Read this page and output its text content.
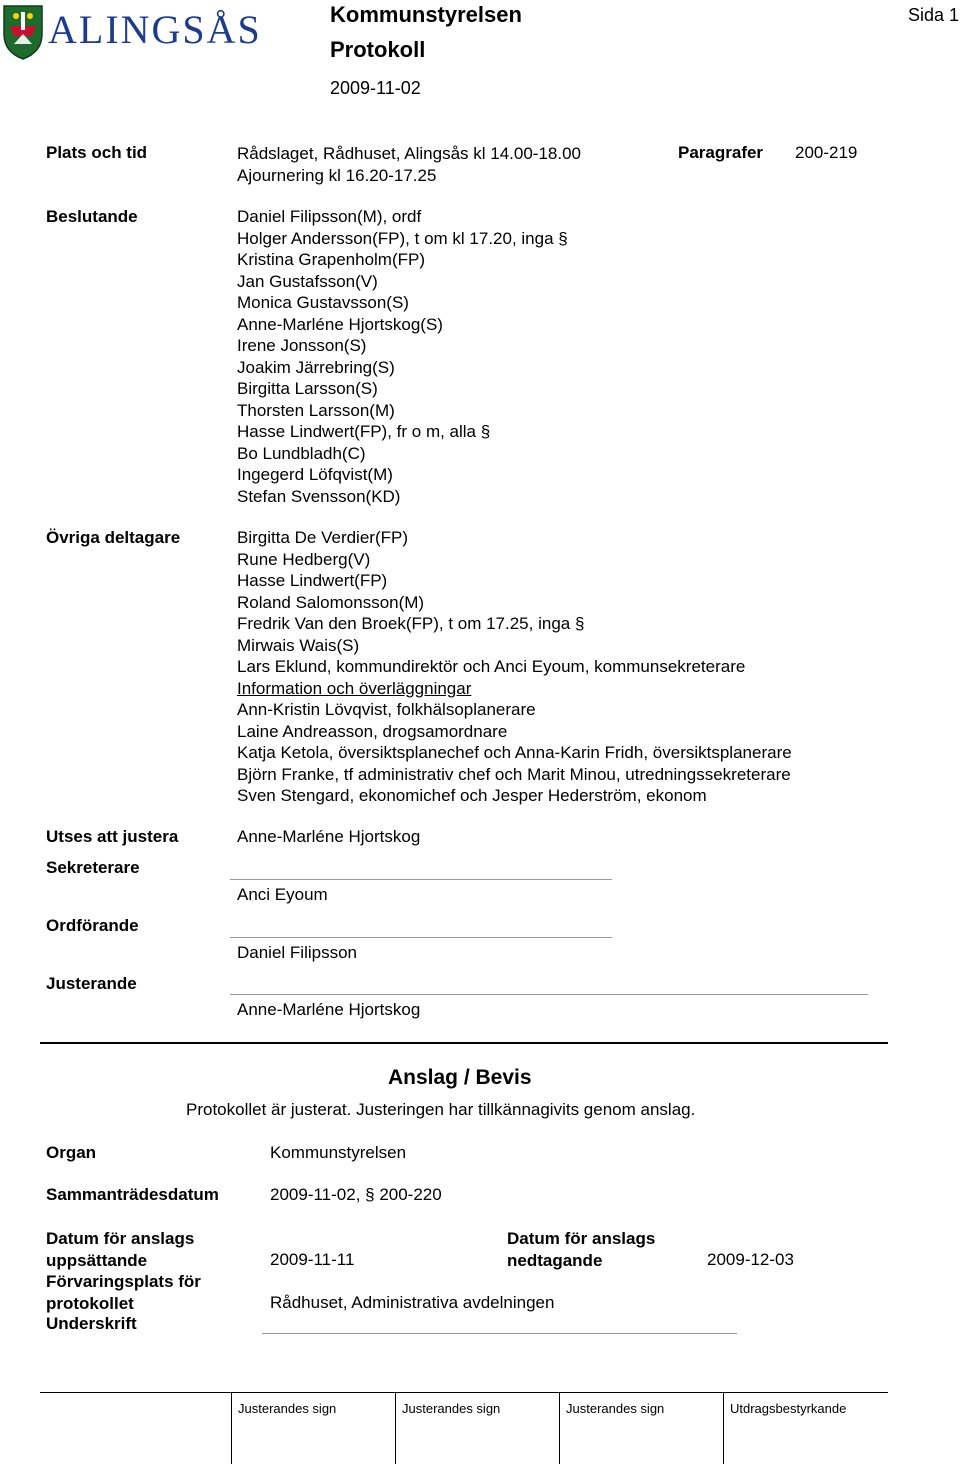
ALINGSÅS	Kommunstyrelsen
Protokoll
2009-11-02
Sida 1
Plats och tid	Rådslaget, Rådhuset, Alingsås kl 14.00-18.00
Ajournering kl 16.20-17.25
Paragrafer 200-219
Beslutande	Daniel Filipsson(M), ordf
Holger Andersson(FP), t om kl 17.20, inga §
Kristina Grapenholm(FP)
Jan Gustafsson(V)
Monica Gustavsson(S)
Anne-Marléne Hjortskog(S)
Irene Jonsson(S)
Joakim Järrebring(S)
Birgitta Larsson(S)
Thorsten Larsson(M)
Hasse Lindwert(FP), fr o m, alla §
Bo Lundbladh(C)
Ingegerd Löfqvist(M)
Stefan Svensson(KD)
Övriga deltagare	Birgitta De Verdier(FP)
Rune Hedberg(V)
Hasse Lindwert(FP)
Roland Salomonsson(M)
Fredrik Van den Broek(FP), t om 17.25, inga §
Mirwais Wais(S)
Lars Eklund, kommundirektör och Anci Eyoum, kommunsekreterare
Information och överläggningar
Ann-Kristin Lövqvist, folkhälsoplanerare
Laine Andreasson, drogsamordnare
Katja Ketola, översiktsplanechef och Anna-Karin Fridh, översiktsplanerare
Björn Franke, tf administrativ chef och Marit Minou, utredningssekreterare
Sven Stengard, ekonomichef och Jesper Hederström, ekonom
Utses att justera	Anne-Marléne Hjortskog
Sekreterare
Anci Eyoum
Ordförande
Daniel Filipsson
Justerande
Anne-Marléne Hjortskog
Anslag / Bevis
Protokollet är justerat. Justeringen har tillkännagivits genom anslag.
Organ	Kommunstyrelsen
Sammanträdesdatum	2009-11-02, § 200-220
Datum för anslags
uppsättande	2009-11-11
Datum för anslags
nedtagande	2009-12-03
Förvaringsplats för
protokollet	Rådhuset, Administrativa avdelningen
Underskrift
Justerandes sign	Justerandes sign	Justerandes sign	Utdragsbestyrkande
